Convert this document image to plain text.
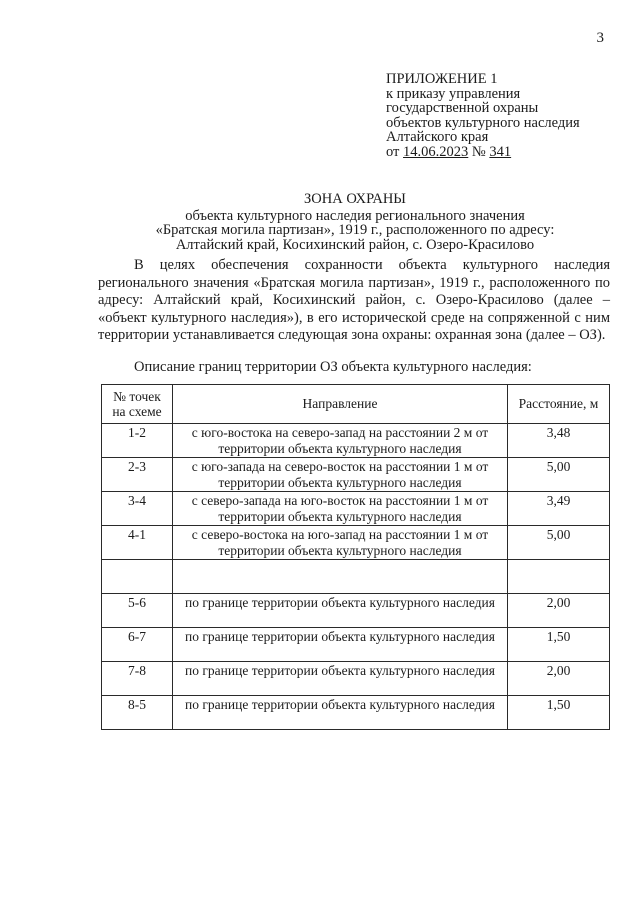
3
ПРИЛОЖЕНИЕ 1
к приказу управления
государственной охраны
объектов культурного наследия
Алтайского края
от 14.06.2023 № 341
ЗОНА ОХРАНЫ
объекта культурного наследия регионального значения
«Братская могила партизан», 1919 г., расположенного по адресу:
Алтайский край, Косихинский район, с. Озеро-Красилово
В целях обеспечения сохранности объекта культурного наследия регионального значения «Братская могила партизан», 1919 г., расположенного по адресу: Алтайский край, Косихинский район, с. Озеро-Красилово (далее – «объект культурного наследия»), в его исторической среде на сопряженной с ним территории устанавливается следующая зона охраны: охранная зона (далее – ОЗ).
Описание границ территории ОЗ объекта культурного наследия:
№ точек на схеме	Направление	Расстояние, м
1-2	с юго-востока на северо-запад на расстоянии 2 м от территории объекта культурного наследия	3,48
2-3	с юго-запада на северо-восток на расстоянии 1 м от территории объекта культурного наследия	5,00
3-4	с северо-запада на юго-восток на расстоянии 1 м от территории объекта культурного наследия	3,49
4-1	с северо-востока на юго-запад на расстоянии 1 м от территории объекта культурного наследия	5,00

5-6	по границе территории объекта культурного наследия	2,00
6-7	по границе территории объекта культурного наследия	1,50
7-8	по границе территории объекта культурного наследия	2,00
8-5	по границе территории объекта культурного наследия	1,50
